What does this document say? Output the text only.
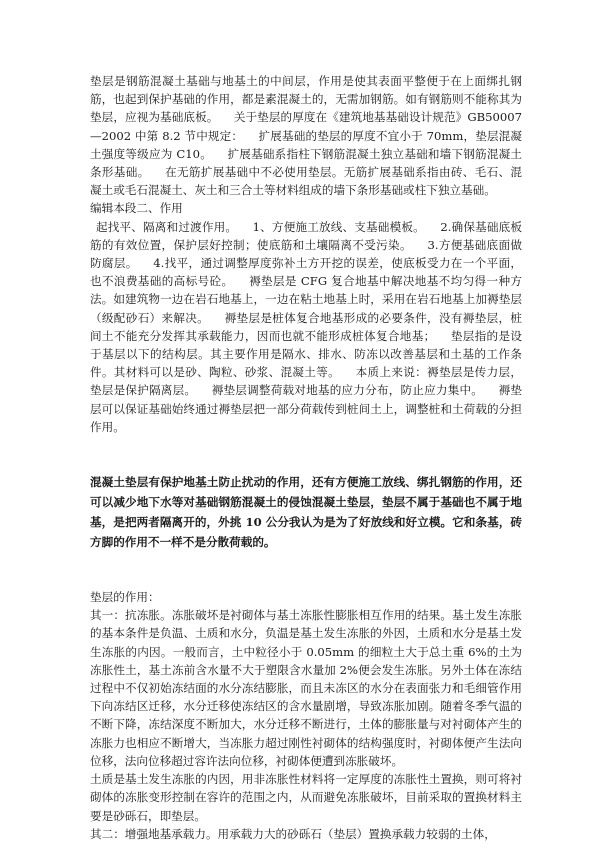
垫层是钢筋混凝土基础与地基土的中间层，作用是使其表面平整便于在上面绑扎钢筋，也起到保护基础的作用，都是素混凝土的，无需加钢筋。如有钢筋则不能称其为垫层，应视为基础底板。  关于垫层的厚度在《建筑地基基础设计规范》GB50007—2002 中第 8.2 节中规定：  扩展基础的垫层的厚度不宜小于 70mm，垫层混凝土强度等级应为 C10。  扩展基础系指柱下钢筋混凝土独立基础和墙下钢筋混凝土条形基础。  在无筋扩展基础中不必使用垫层。无筋扩展基础系指由砖、毛石、混凝土或毛石混凝土、灰土和三合土等材料组成的墙下条形基础或柱下独立基础。

编辑本段二、作用

 起找平、隔离和过渡作用。  1、方便施工放线、支基础模板。  2.确保基础底板筋的有效位置，保护层好控制；使底筋和土壤隔离不受污染。  3.方便基础底面做防腐层。  4.找平，通过调整厚度弥补土方开挖的误差，使底板受力在一个平面，也不浪费基础的高标号砼。  褥垫层是 CFG 复合地基中解决地基不均匀得一种方法。如建筑物一边在岩石地基上，一边在粘土地基上时，采用在岩石地基上加褥垫层（级配砂石）来解决。  褥垫层是桩体复合地基形成的必要条件，没有褥垫层，桩间土不能充分发挥其承载能力，因而也就不能形成桩体复合地基；  垫层指的是设于基层以下的结构层。其主要作用是隔水、排水、防冻以改善基层和土基的工作条件。其材料可以是砂、陶粒、砂浆、混凝土等。  本质上来说：褥垫层是传力层，垫层是保护隔离层。  褥垫层调整荷载对地基的应力分布，防止应力集中。  褥垫层可以保证基础始终通过褥垫层把一部分荷载传到桩间土上，调整桩和土荷载的分担作用。

混凝土垫层有保护地基土防止扰动的作用，还有方便施工放线、绑扎钢筋的作用，还可以减少地下水等对基础钢筋混凝土的侵蚀混凝土垫层，垫层不属于基础也不属于地基，是把两者隔离开的，外挑 10 公分我认为是为了好放线和好立模。它和条基，砖方脚的作用不一样不是分散荷载的。

垫层的作用：

其一：抗冻胀。冻胀破坏是衬砌体与基土冻胀性膨胀相互作用的结果。基土发生冻胀的基本条件是负温、土质和水分，负温是基土发生冻胀的外因，土质和水分是基土发生冻胀的内因。一般而言，土中粒径小于 0.05mm 的细粒土大于总土重 6%的土为冻胀性土，基土冻前含水量不大于塑限含水量加 2%便会发生冻胀。另外土体在冻结过程中不仅初始冻结面的水分冻结膨胀，而且未冻区的水分在表面张力和毛细管作用下向冻结区迁移，水分迁移使冻结区的含水量剧增，导致冻胀加剧。随着冬季气温的不断下降，冻结深度不断加大，水分迁移不断进行，土体的膨胀量与对衬砌体产生的冻胀力也相应不断增大，当冻胀力超过刚性衬砌体的结构强度时，衬砌体便产生法向位移，法向位移超过容许法向位移，衬砌体便遭到冻胀破坏。

土质是基土发生冻胀的内因，用非冻胀性材料将一定厚度的冻胀性土置换，则可将衬砌体的冻胀变形控制在容许的范围之内，从而避免冻胀破坏，目前采取的置换材料主要是砂砾石，即垫层。

其二：增强地基承载力。用承载力大的砂砾石（垫层）置换承载力较弱的土体，
